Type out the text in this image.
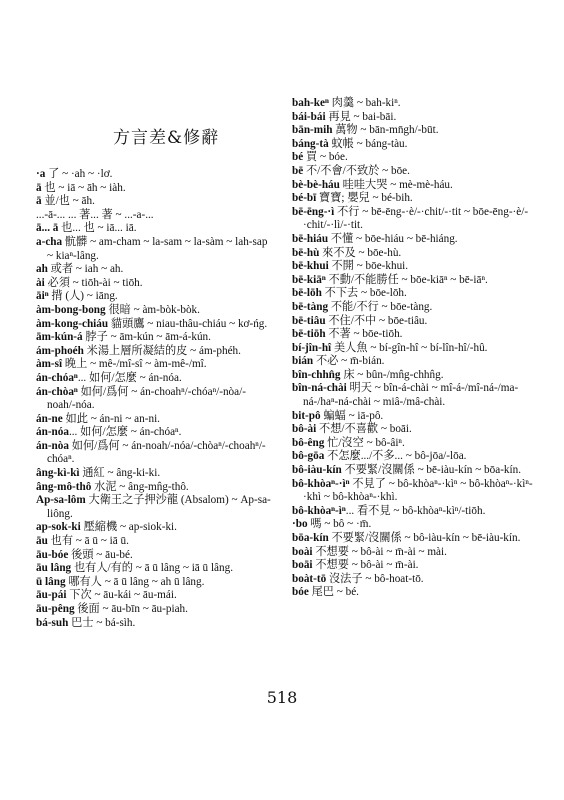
方言差&修辭

·a 了 ~ ·ah ~ ·lơ.

ā 也 ~ iā ~ āh ~ iàh.

ā 並/也 ~ āh.

...-ā-... ... 著... 著 ~ ...-a-...

ā... ā 也... 也 ~ iā... iā.

a-cha 骯髒 ~ am-cham ~ la-sam ~ la-sàm ~ lah-sap ~ kiaⁿ-lâng.

ah 或者 ~ iah ~ ah.

ài 必須 ~ tiōh-ài ~ tiōh.

āiⁿ 揹 (人) ~ iāng.

àm-bong-bong 很暗 ~ àm-bòk-bòk.

àm-kong-chiáu 貓頭鷹 ~ niau-thâu-chiáu ~ kơ-ńg.

ām-kún-á 脖子 ~ ām-kún ~ ām-á-kún.

ám-phoéh 米湯上層所凝結的皮 ~ ám-phéh.

àm-sî 晚上 ~ mê-/mî-sî ~ àm-mê-/mî.

án-chóaⁿ... 如何/怎麼 ~ án-nóa.

án-chòaⁿ 如何/爲何 ~ án-choahⁿ/-chóaⁿ/-nòa/-noah/-nóa.

án-ne 如此 ~ án-ni ~ an-ni.

án-nóa... 如何/怎麼 ~ án-chóaⁿ.

án-nòa 如何/爲何 ~ án-noah/-nóa/-chòaⁿ/-choahⁿ/-chóaⁿ.

âng-kì-kì 通紅 ~ âng-ki-ki.

âng-mô-thô 水泥 ~ âng-mn̂g-thô.

Ap-sa-lôm 大衛王之子押沙龍 (Absalom) ~ Ap-sa-liông.

ap-sok-ki 壓縮機 ~ ap-siok-ki.

āu 也有 ~ ā ū ~ iā ū.

āu-bóe 後頭 ~ āu-bé.

āu lâng 也有人/有的 ~ ā ū lâng ~ iā ū lâng.

ū lâng 哪有人 ~ ā ū lâng ~ ah ū lâng.

āu-pái 下次 ~ āu-kái ~ āu-mái.

āu-pêng 後面 ~ āu-bīn ~ āu-piah.

bá-suh 巴士 ~ bá-sìh.

bah-keⁿ 肉羹 ~ bah-kiⁿ.

bái-bái 再見 ~ bai-bāi.

bān-mih 萬物 ~ bān-mn̄gh/-būt.

báng-tà 蚊帳 ~ báng-tàu.

bé 買 ~ bóe.

bē 不/不會/不致於 ~ bōe.

bè-bè-háu 哇哇大哭 ~ mè-mè-háu.

bé-bī 寶寶; 嬰兒 ~ bé-bih.

bē-ēng-·ì 不行 ~ bē-ēng-·è/-·chit/-·tit ~ bōe-ēng-·è/-·chit/-·lì/-·tit.

bē-hiáu 不懂 ~ bōe-hiáu ~ bē-hiáng.

bē-hù 來不及 ~ bōe-hù.

bē-khui 不開 ~ bōe-khui.

bē-kiāⁿ 不動/不能勝任 ~ bōe-kiāⁿ ~ bē-iāⁿ.

bē-lōh 不下去 ~ bōe-lōh.

bē-tàng 不能/不行 ~ bōe-tàng.

bē-tiâu 不住/不中 ~ bōe-tiâu.

bē-tiōh 不著 ~ bōe-tiōh.

bí-jîn-hî 美人魚 ~ bí-gîn-hî ~ bí-lîn-hî/-hû.

bián 不必 ~ m̄-bián.

bîn-chhn̂g 床 ~ bûn-/mn̂g-chhn̂g.

bîn-ná-chài 明天 ~ bîn-á-chài ~ mî-á-/mî-ná-/ma-ná-/haⁿ-ná-chài ~ miâ-/mâ-chài.

bit-pô 蝙蝠 ~ iā-pô.

bô-ài 不想/不喜歡 ~ boāi.

bô-êng 忙/沒空 ~ bô-âiⁿ.

bô-gōa 不怎麼.../不多... ~ bô-jōa/-lōa.

bô-iàu-kín 不要緊/沒關係 ~ bē-iàu-kín ~ bōa-kín.

bô-khòaⁿ-·ìⁿ 不見了 ~ bô-khòaⁿ-·kìⁿ ~ bô-khòaⁿ-·kìⁿ-·khì ~ bô-khòaⁿ-·khì.

bô-khòaⁿ-ìⁿ... 看不見 ~ bô-khòaⁿ-kìⁿ/-tiōh.

·bo 嗎 ~ bô ~ ·m̄.

bōa-kín 不要緊/沒關係 ~ bô-iàu-kín ~ bē-iàu-kín.

boài 不想要 ~ bô-ài ~ m̄-ài ~ mài.

boāi 不想要 ~ bô-ài ~ m̄-ài.

boàt-tō 沒法子 ~ bô-hoat-tō.

bóe 尾巴 ~ bé.

518
